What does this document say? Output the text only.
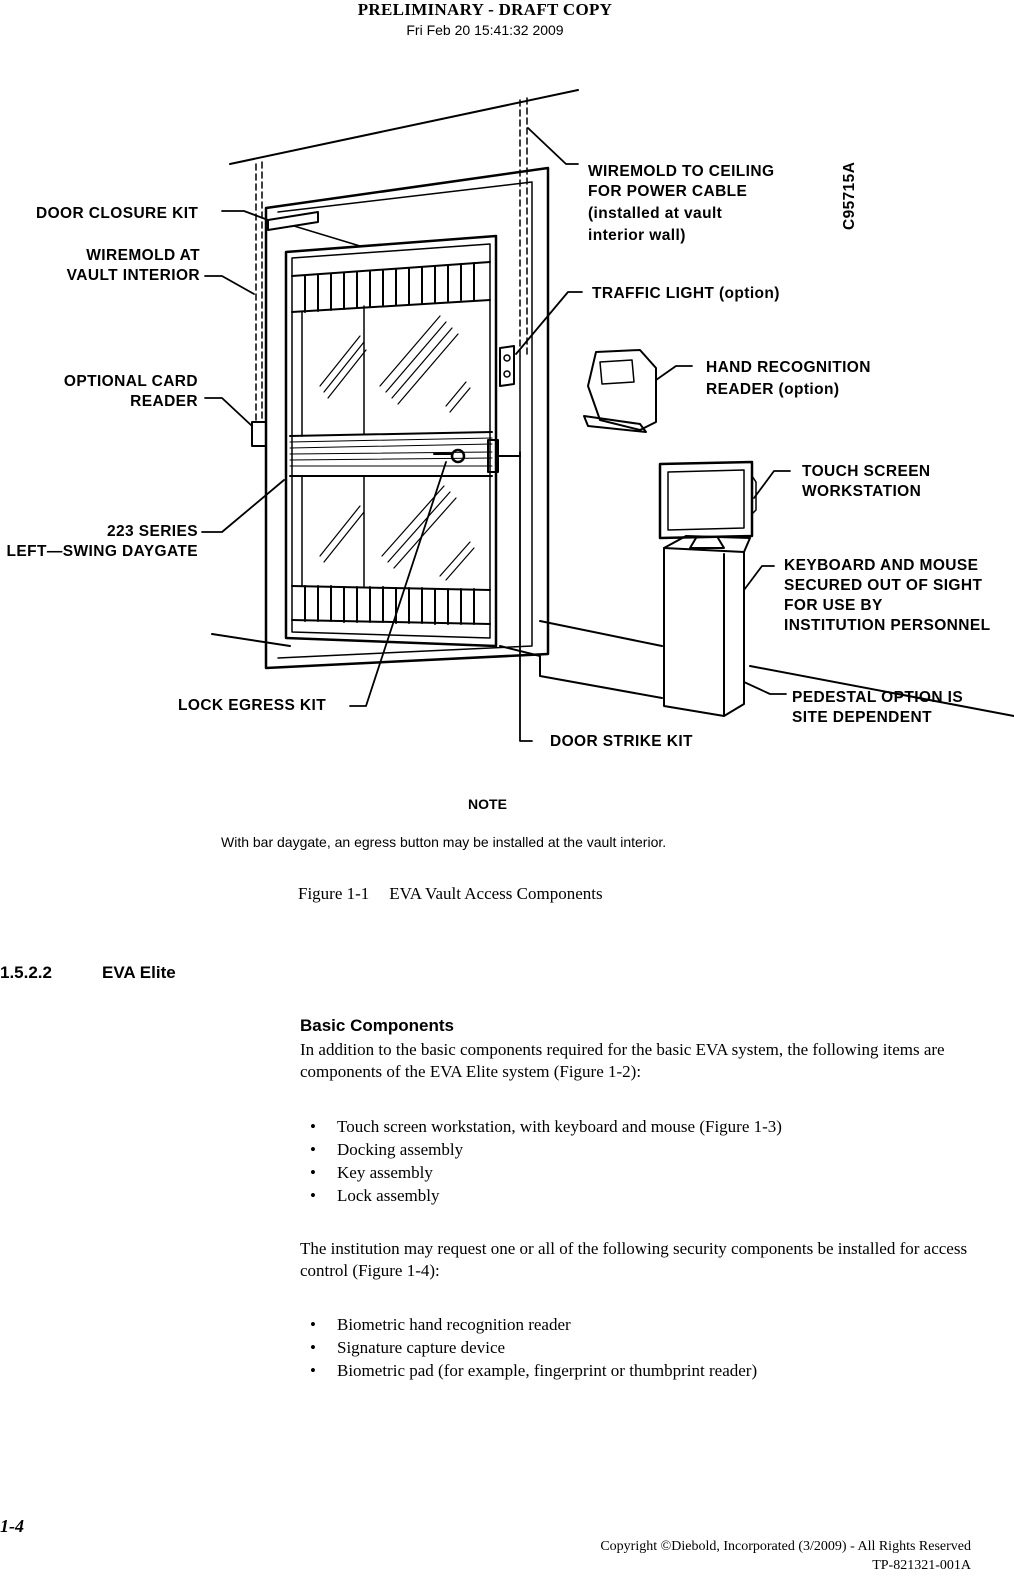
PRELIMINARY - DRAFT COPY
Fri Feb 20 15:41:32 2009
DOOR CLOSURE KIT
WIREMOLD AT
VAULT INTERIOR
OPTIONAL CARD
READER
223 SERIES
LEFT—SWING DAYGATE
LOCK EGRESS KIT
DOOR STRIKE KIT
WIREMOLD TO CEILING
FOR POWER CABLE
(installed at vault
interior wall)
TRAFFIC LIGHT (option)
HAND RECOGNITION
READER (option)
TOUCH SCREEN
WORKSTATION
KEYBOARD AND MOUSE
SECURED OUT OF SIGHT
FOR USE BY
INSTITUTION PERSONNEL
PEDESTAL OPTION IS
SITE DEPENDENT
C95715A
NOTE
With bar daygate, an egress button may be installed at the vault interior.
Figure 1-1 EVA Vault Access Components
1.5.2.2	EVA Elite
Basic Components
In addition to the basic components required for the basic EVA system, the following items are components of the EVA Elite system (Figure 1-2):
• Touch screen workstation, with keyboard and mouse (Figure 1-3)
• Docking assembly
• Key assembly
• Lock assembly
The institution may request one or all of the following security components be installed for access control (Figure 1-4):
• Biometric hand recognition reader
• Signature capture device
• Biometric pad (for example, fingerprint or thumbprint reader)
1-4
Copyright ©Diebold, Incorporated (3/2009) - All Rights Reserved
TP-821321-001A
